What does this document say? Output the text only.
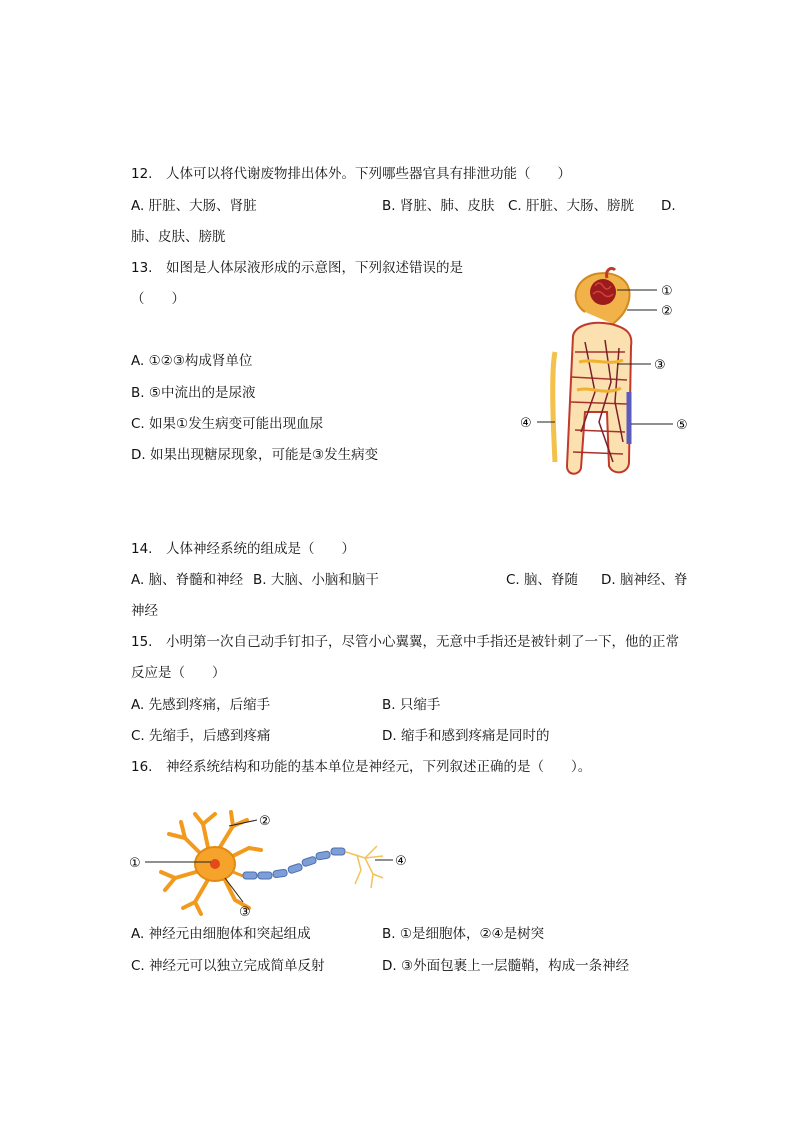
12.　人体可以将代谢废物排出体外。下列哪些器官具有排泄功能（　　）
A. 肝脏、大肠、肾脏	B. 肾脏、肺、皮肤 C. 肝脏、大肠、膀胱 D.
肺、皮肤、膀胱
13.　如图是人体尿液形成的示意图，下列叙述错误的是
（　　）
A. ①②③构成肾单位
B. ⑤中流出的是尿液
C. 如果①发生病变可能出现血尿
D. 如果出现糖尿现象，可能是③发生病变
①
②
③
④	⑤
14.　人体神经系统的组成是（　　）
A. 脑、脊髓和神经 B. 大脑、小脑和脑干	C. 脑、脊随 D. 脑神经、脊
神经
15.　小明第一次自己动手钉扣子，尽管小心翼翼，无意中手指还是被针刺了一下，他的正常
反应是（　　）
A. 先感到疼痛，后缩手	B. 只缩手
C. 先缩手，后感到疼痛	D. 缩手和感到疼痛是同时的
16.　神经系统结构和功能的基本单位是神经元，下列叙述正确的是（　　）。
①
②
③
④
A. 神经元由细胞体和突起组成	B. ①是细胞体，②④是树突
C. 神经元可以独立完成简单反射	D. ③外面包裹上一层髓鞘，构成一条神经
